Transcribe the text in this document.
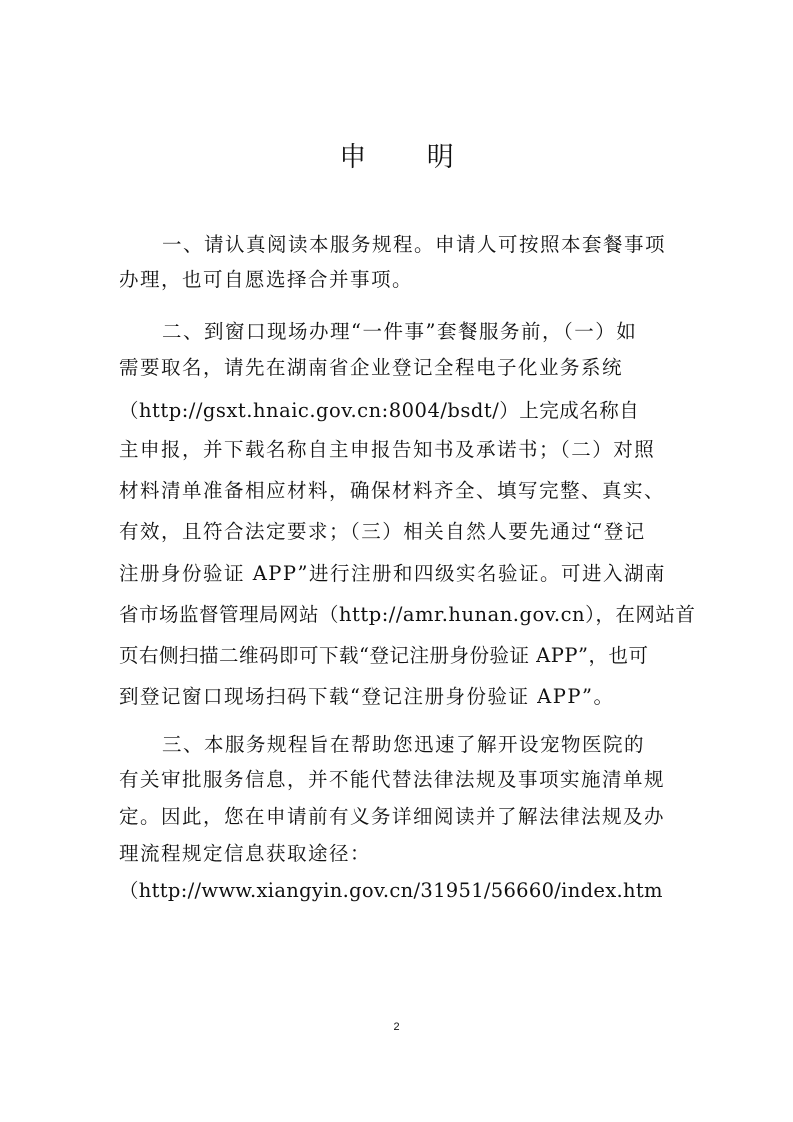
申 明
一、请认真阅读本服务规程。申请人可按照本套餐事项
办理，也可自愿选择合并事项。
二、到窗口现场办理“一件事”套餐服务前，（一）如
需要取名，请先在湖南省企业登记全程电子化业务系统
（http://gsxt.hnaic.gov.cn:8004/bsdt/）上完成名称自
主申报，并下载名称自主申报告知书及承诺书；（二）对照
材料清单准备相应材料，确保材料齐全、填写完整、真实、
有效，且符合法定要求；（三）相关自然人要先通过“登记
注册身份验证 APP”进行注册和四级实名验证。可进入湖南
省市场监督管理局网站（http://amr.hunan.gov.cn），在网站首
页右侧扫描二维码即可下载“登记注册身份验证 APP”，也可
到登记窗口现场扫码下载“登记注册身份验证 APP”。
三、本服务规程旨在帮助您迅速了解开设宠物医院的
有关审批服务信息，并不能代替法律法规及事项实施清单规
定。因此，您在申请前有义务详细阅读并了解法律法规及办
理流程规定信息获取途径：
（http://www.xiangyin.gov.cn/31951/56660/index.htm
2
